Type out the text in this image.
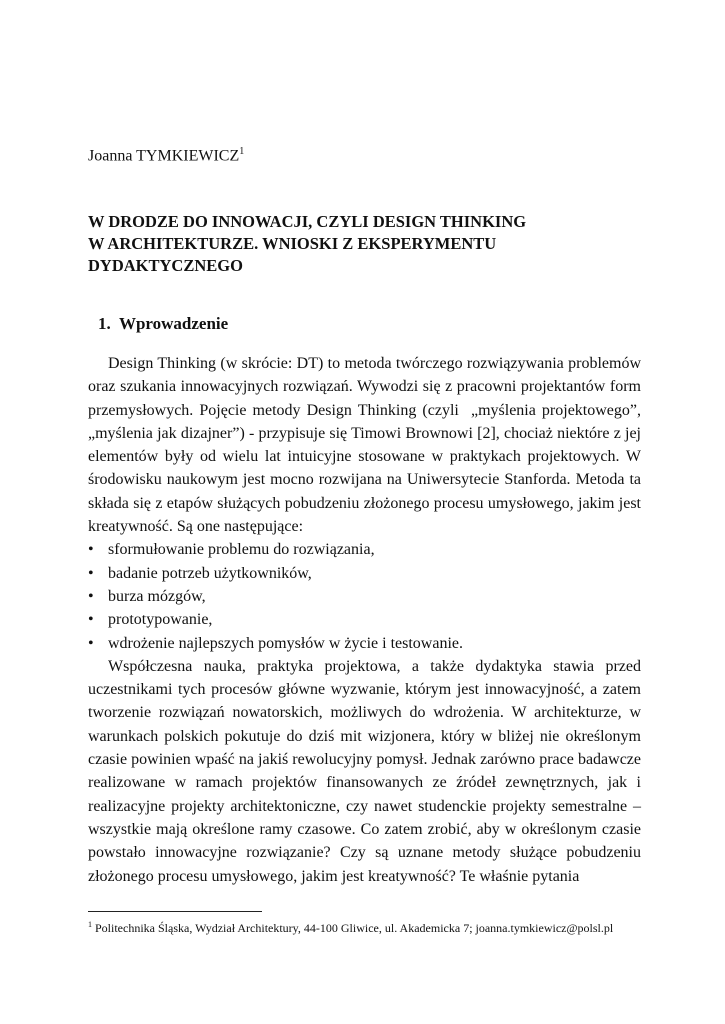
Joanna TYMKIEWICZ$^1$
W DRODZE DO INNOWACJI, CZYLI DESIGN THINKING
W ARCHITEKTURZE. WNIOSKI Z EKSPERYMENTU
DYDAKTYCZNEGO
1. Wprowadzenie

Design Thinking (w skrócie: DT) to metoda twórczego rozwiązywania problemów oraz szukania innowacyjnych rozwiązań. Wywodzi się z pracowni projektantów form przemysłowych. Pojęcie metody Design Thinking (czyli  „myślenia projektowego”, „myślenia jak dizajner”) - przypisuje się Timowi Brownowi [2], chociaż niektóre z jej elementów były od wielu lat intuicyjne stosowane w praktykach projektowych. W środowisku naukowym jest mocno rozwijana na Uniwersytecie Stanforda. Metoda ta składa się z etapów służących pobudzeniu złożonego procesu umysłowego, jakim jest kreatywność. Są one następujące:

• sformułowanie problemu do rozwiązania,
• badanie potrzeb użytkowników,
• burza mózgów,
• prototypowanie,
• wdrożenie najlepszych pomysłów w życie i testowanie.

Współczesna nauka, praktyka projektowa, a także dydaktyka stawia przed uczestnikami tych procesów główne wyzwanie, którym jest innowacyjność, a zatem tworzenie rozwiązań nowatorskich, możliwych do wdrożenia. W architekturze, w warunkach polskich pokutuje do dziś mit wizjonera, który w bliżej nie określonym czasie powinien wpaść na jakiś rewolucyjny pomysł. Jednak zarówno prace badawcze realizowane w ramach projektów finansowanych ze źródeł zewnętrznych, jak i realizacyjne projekty architektoniczne, czy nawet studenckie projekty semestralne – wszystkie mają określone ramy czasowe. Co zatem zrobić, aby w określonym czasie powstało innowacyjne rozwiązanie? Czy są uznane metody służące pobudzeniu złożonego procesu umysłowego, jakim jest kreatywność? Te właśnie pytania

$^1$ Politechnika Śląska, Wydział Architektury, 44-100 Gliwice, ul. Akademicka 7; joanna.tymkiewicz@polsl.pl
